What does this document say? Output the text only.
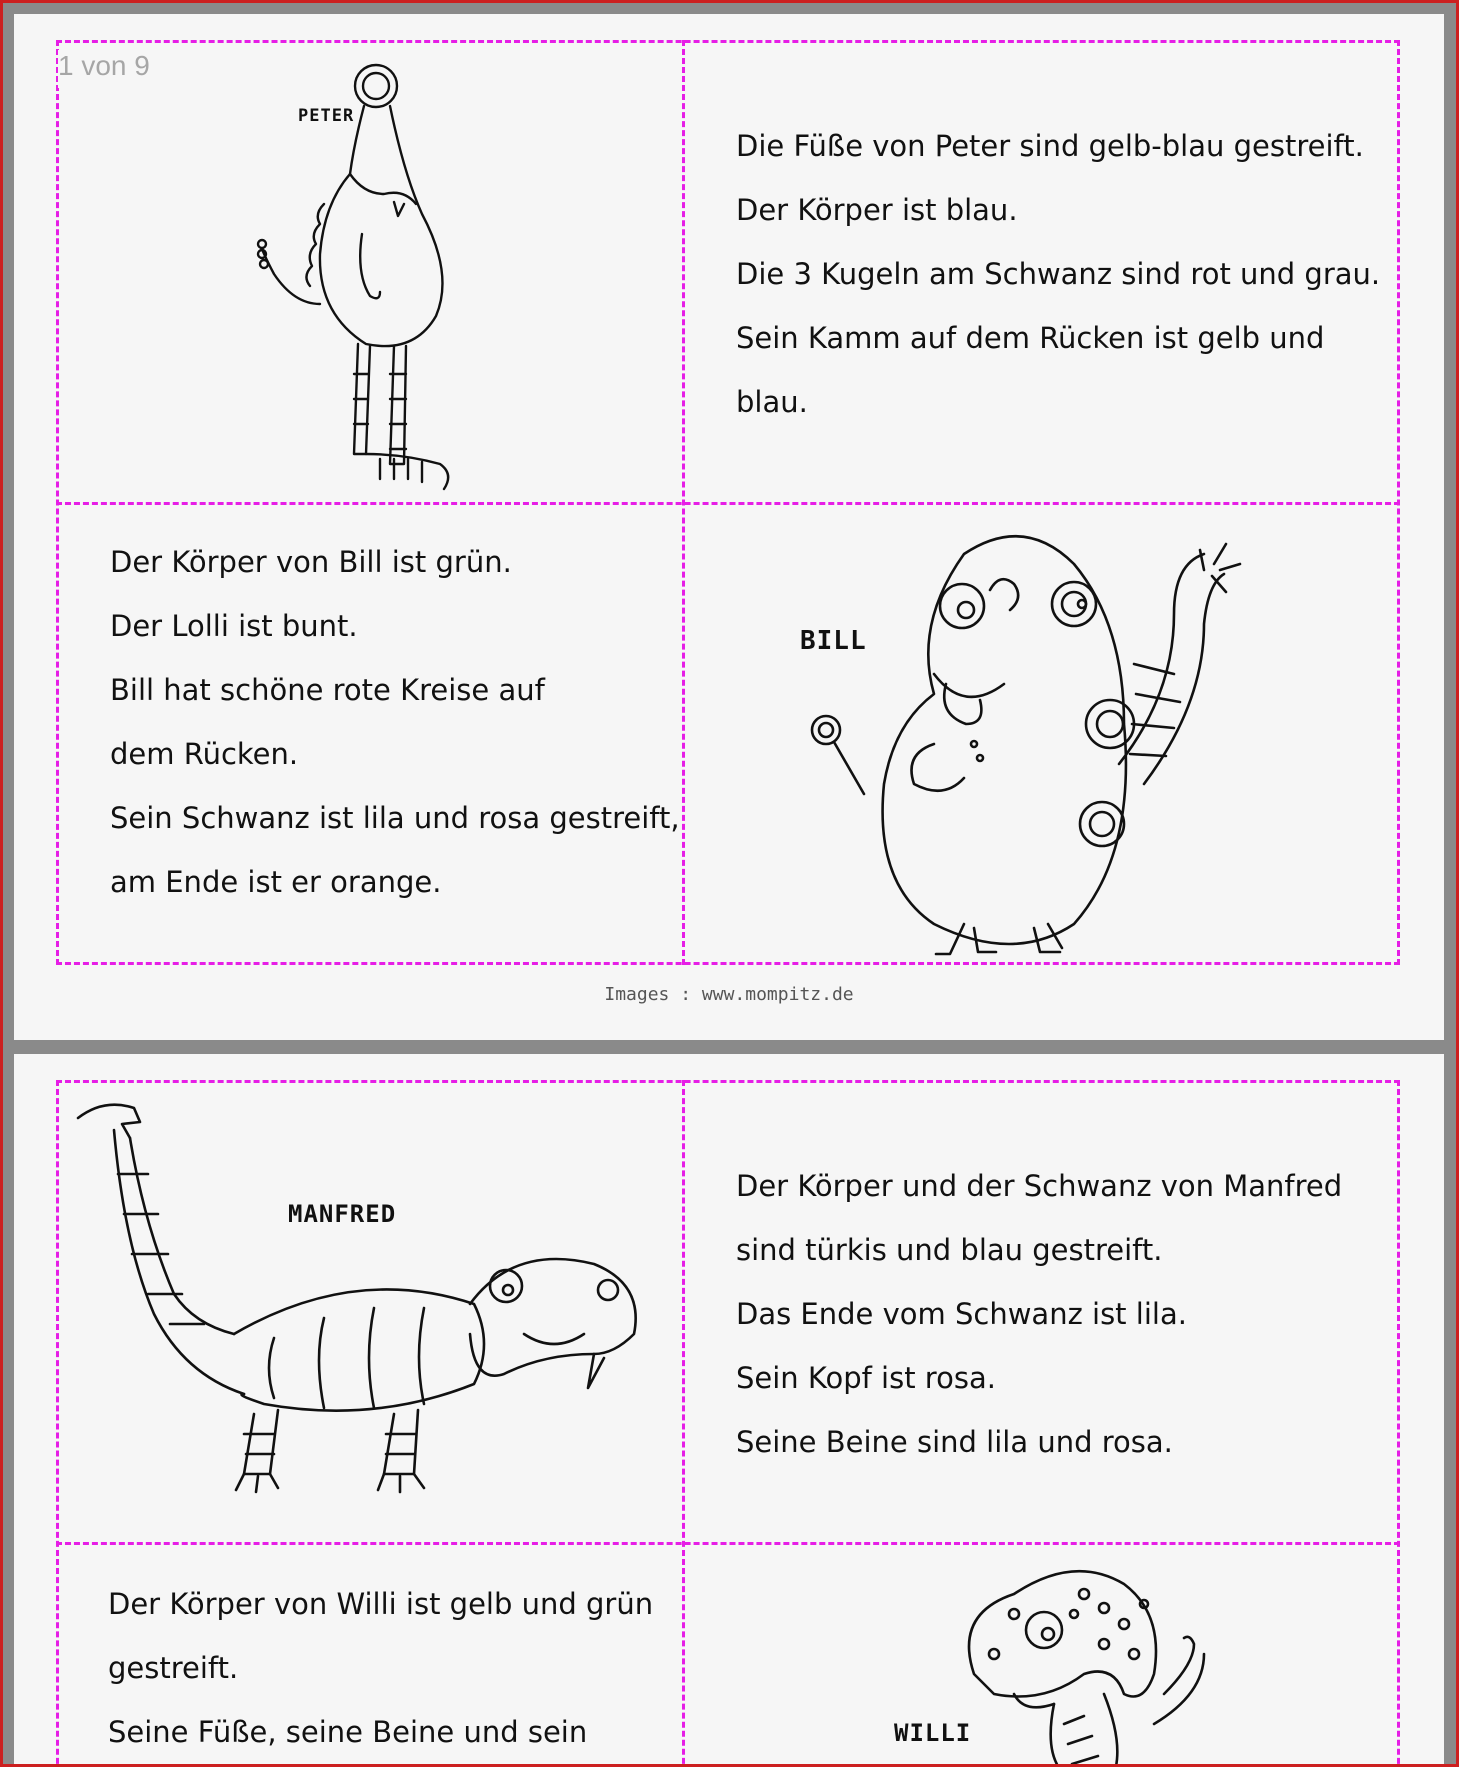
1 von 9
PETER
Die Füße von Peter sind gelb-blau gestreift.
Der Körper ist blau.
Die 3 Kugeln am Schwanz sind rot und grau.
Sein Kamm auf dem Rücken ist gelb und
blau.
Der Körper von Bill ist grün.
Der Lolli ist bunt.
Bill hat schöne rote Kreise auf
dem Rücken.
Sein Schwanz ist lila und rosa gestreift,
am Ende ist er orange.
BILL
Images : www.mompitz.de
MANFRED
Der Körper und der Schwanz von Manfred
sind türkis und blau gestreift.
Das Ende vom Schwanz ist lila.
Sein Kopf ist rosa.
Seine Beine sind lila und rosa.
Der Körper von Willi ist gelb und grün
gestreift.
Seine Füße, seine Beine und sein	WILLI
